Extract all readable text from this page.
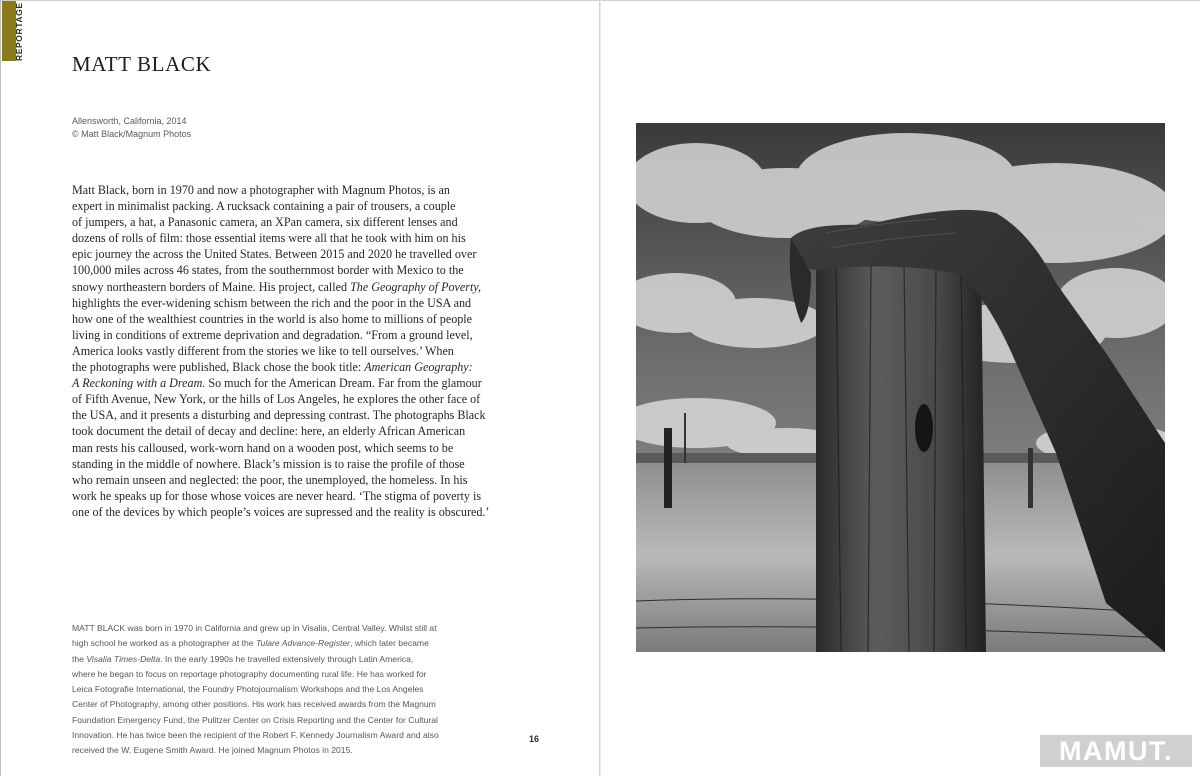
REPORTAGE
MATT BLACK
Allensworth, California, 2014
© Matt Black/Magnum Photos
Matt Black, born in 1970 and now a photographer with Magnum Photos, is an
expert in minimalist packing. A rucksack containing a pair of trousers, a couple
of jumpers, a hat, a Panasonic camera, an XPan camera, six different lenses and
dozens of rolls of film: those essential items were all that he took with him on his
epic journey the across the United States. Between 2015 and 2020 he travelled over
100,000 miles across 46 states, from the southernmost border with Mexico to the
snowy northeastern borders of Maine. His project, called The Geography of Poverty,
highlights the ever-widening schism between the rich and the poor in the USA and
how one of the wealthiest countries in the world is also home to millions of people
living in conditions of extreme deprivation and degradation. “From a ground level,
America looks vastly different from the stories we like to tell ourselves.’ When
the photographs were published, Black chose the book title: American Geography:
A Reckoning with a Dream. So much for the American Dream. Far from the glamour
of Fifth Avenue, New York, or the hills of Los Angeles, he explores the other face of
the USA, and it presents a disturbing and depressing contrast. The photographs Black
took document the detail of decay and decline: here, an elderly African American
man rests his calloused, work-worn hand on a wooden post, which seems to be
standing in the middle of nowhere. Black’s mission is to raise the profile of those
who remain unseen and neglected: the poor, the unemployed, the homeless. In his
work he speaks up for those whose voices are never heard. ‘The stigma of poverty is
one of the devices by which people’s voices are supressed and the reality is obscured.’
MATT BLACK was born in 1970 in California and grew up in Visalia, Central Valley. Whilst still at
high school he worked as a photographer at the Tulare Advance-Register, which later became
the Visalia Times-Delta. In the early 1990s he travelled extensively through Latin America,
where he began to focus on reportage photography documenting rural life. He has worked for
Leica Fotografie International, the Foundry Photojournalism Workshops and the Los Angeles
Center of Photography, among other positions. His work has received awards from the Magnum
Foundation Emergency Fund, the Pulitzer Center on Crisis Reporting and the Center for Cultural
Innovation. He has twice been the recipient of the Robert F. Kennedy Journalism Award and also
received the W. Eugene Smith Award. He joined Magnum Photos in 2015.
16	MAMUT.
